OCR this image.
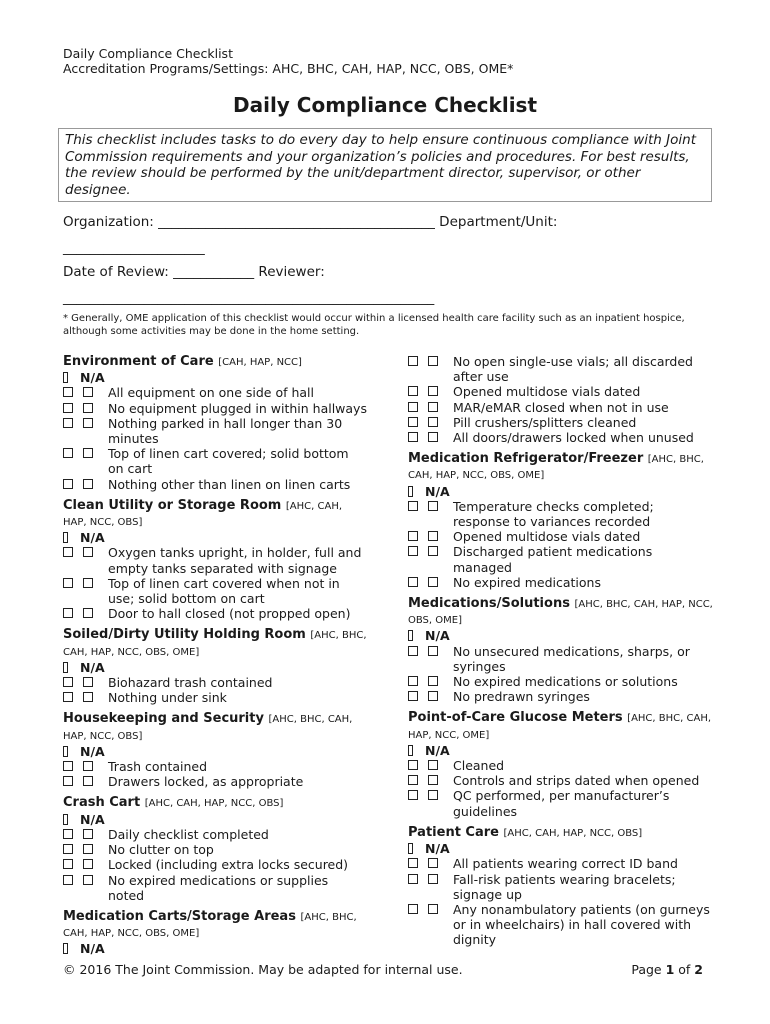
Daily Compliance Checklist
Accreditation Programs/Settings: AHC, BHC, CAH, HAP, NCC, OBS, OME*
Daily Compliance Checklist
This checklist includes tasks to do every day to help ensure continuous compliance with Joint Commission requirements and your organization’s policies and procedures. For best results, the review should be performed by the unit/department director, supervisor, or other designee.
Organization: _________________________________________ Department/Unit:
_____________________
Date of Review: ____________ Reviewer:
_______________________________________________________
* Generally, OME application of this checklist would occur within a licensed health care facility such as an inpatient hospice, although some activities may be done in the home setting.
Environment of Care [CAH, HAP, NCC]
N/A
All equipment on one side of hall
No equipment plugged in within hallways
Nothing parked in hall longer than 30 minutes
Top of linen cart covered; solid bottom on cart
Nothing other than linen on linen carts
Clean Utility or Storage Room [AHC, CAH, HAP, NCC, OBS]
N/A
Oxygen tanks upright, in holder, full and empty tanks separated with signage
Top of linen cart covered when not in use; solid bottom on cart
Door to hall closed (not propped open)
Soiled/Dirty Utility Holding Room [AHC, BHC, CAH, HAP, NCC, OBS, OME]
N/A
Biohazard trash contained
Nothing under sink
Housekeeping and Security [AHC, BHC, CAH, HAP, NCC, OBS]
N/A
Trash contained
Drawers locked, as appropriate
Crash Cart [AHC, CAH, HAP, NCC, OBS]
N/A
Daily checklist completed
No clutter on top
Locked (including extra locks secured)
No expired medications or supplies noted
Medication Carts/Storage Areas [AHC, BHC, CAH, HAP, NCC, OBS, OME]
N/A
No open single-use vials; all discarded after use
Opened multidose vials dated
MAR/eMAR closed when not in use
Pill crushers/splitters cleaned
All doors/drawers locked when unused
Medication Refrigerator/Freezer [AHC, BHC, CAH, HAP, NCC, OBS, OME]
N/A
Temperature checks completed; response to variances recorded
Opened multidose vials dated
Discharged patient medications managed
No expired medications
Medications/Solutions [AHC, BHC, CAH, HAP, NCC, OBS, OME]
N/A
No unsecured medications, sharps, or syringes
No expired medications or solutions
No predrawn syringes
Point-of-Care Glucose Meters [AHC, BHC, CAH, HAP, NCC, OME]
N/A
Cleaned
Controls and strips dated when opened
QC performed, per manufacturer’s guidelines
Patient Care [AHC, CAH, HAP, NCC, OBS]
N/A
All patients wearing correct ID band
Fall-risk patients wearing bracelets; signage up
Any nonambulatory patients (on gurneys or in wheelchairs) in hall covered with dignity
© 2016 The Joint Commission. May be adapted for internal use.	Page 1 of 2
